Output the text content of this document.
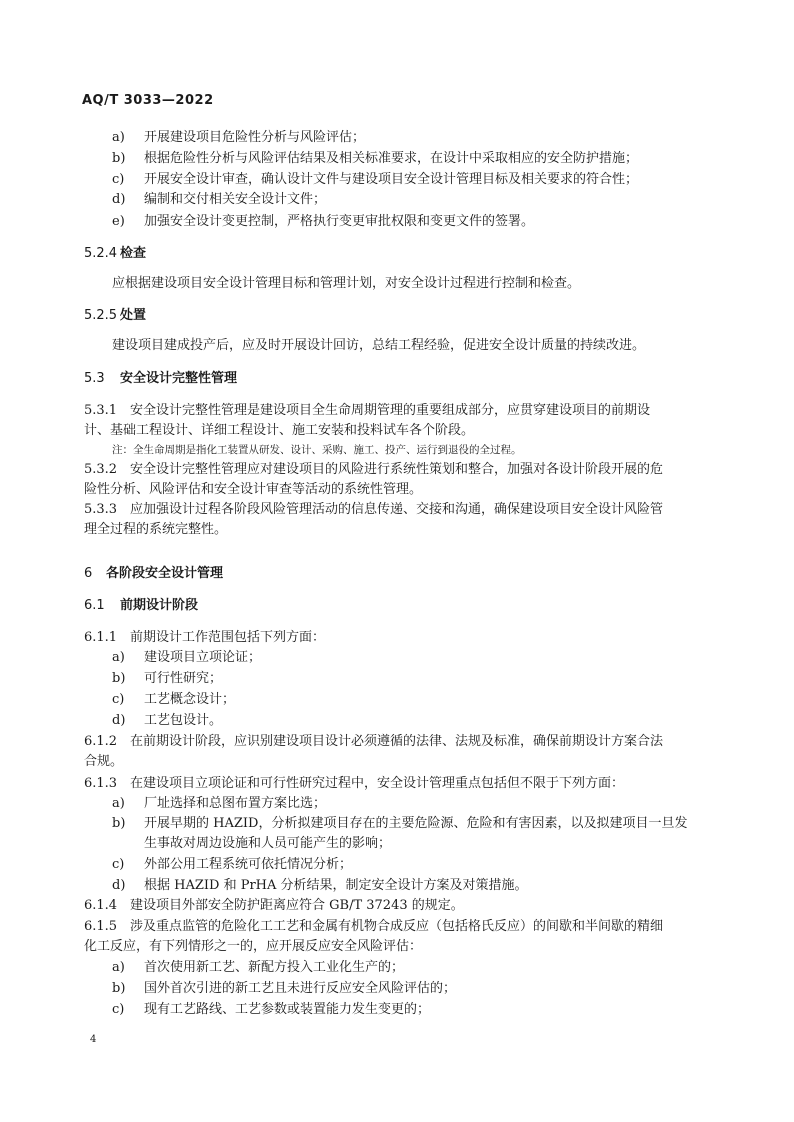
AQ/T 3033—2022
a) 开展建设项目危险性分析与风险评估；
b) 根据危险性分析与风险评估结果及相关标准要求，在设计中采取相应的安全防护措施；
c) 开展安全设计审查，确认设计文件与建设项目安全设计管理目标及相关要求的符合性；
d) 编制和交付相关安全设计文件；
e) 加强安全设计变更控制，严格执行变更审批权限和变更文件的签署。
5.2.4 检查
应根据建设项目安全设计管理目标和管理计划，对安全设计过程进行控制和检查。
5.2.5 处置
建设项目建成投产后，应及时开展设计回访，总结工程经验，促进安全设计质量的持续改进。
5.3 安全设计完整性管理
5.3.1 安全设计完整性管理是建设项目全生命周期管理的重要组成部分，应贯穿建设项目的前期设
计、基础工程设计、详细工程设计、施工安装和投料试车各个阶段。
注：全生命周期是指化工装置从研发、设计、采购、施工、投产、运行到退役的全过程。
5.3.2 安全设计完整性管理应对建设项目的风险进行系统性策划和整合，加强对各设计阶段开展的危
险性分析、风险评估和安全设计审查等活动的系统性管理。
5.3.3 应加强设计过程各阶段风险管理活动的信息传递、交接和沟通，确保建设项目安全设计风险管
理全过程的系统完整性。
6 各阶段安全设计管理
6.1 前期设计阶段
6.1.1 前期设计工作范围包括下列方面：
a) 建设项目立项论证；
b) 可行性研究；
c) 工艺概念设计；
d) 工艺包设计。
6.1.2 在前期设计阶段，应识别建设项目设计必须遵循的法律、法规及标准，确保前期设计方案合法
合规。
6.1.3 在建设项目立项论证和可行性研究过程中，安全设计管理重点包括但不限于下列方面：
a) 厂址选择和总图布置方案比选；
b) 开展早期的 HAZID，分析拟建项目存在的主要危险源、危险和有害因素，以及拟建项目一旦发
生事故对周边设施和人员可能产生的影响；
c) 外部公用工程系统可依托情况分析；
d) 根据 HAZID 和 PrHA 分析结果，制定安全设计方案及对策措施。
6.1.4 建设项目外部安全防护距离应符合 GB/T 37243 的规定。
6.1.5 涉及重点监管的危险化工工艺和金属有机物合成反应（包括格氏反应）的间歇和半间歇的精细
化工反应，有下列情形之一的，应开展反应安全风险评估：
a) 首次使用新工艺、新配方投入工业化生产的；
b) 国外首次引进的新工艺且未进行反应安全风险评估的；
c) 现有工艺路线、工艺参数或装置能力发生变更的；
4
